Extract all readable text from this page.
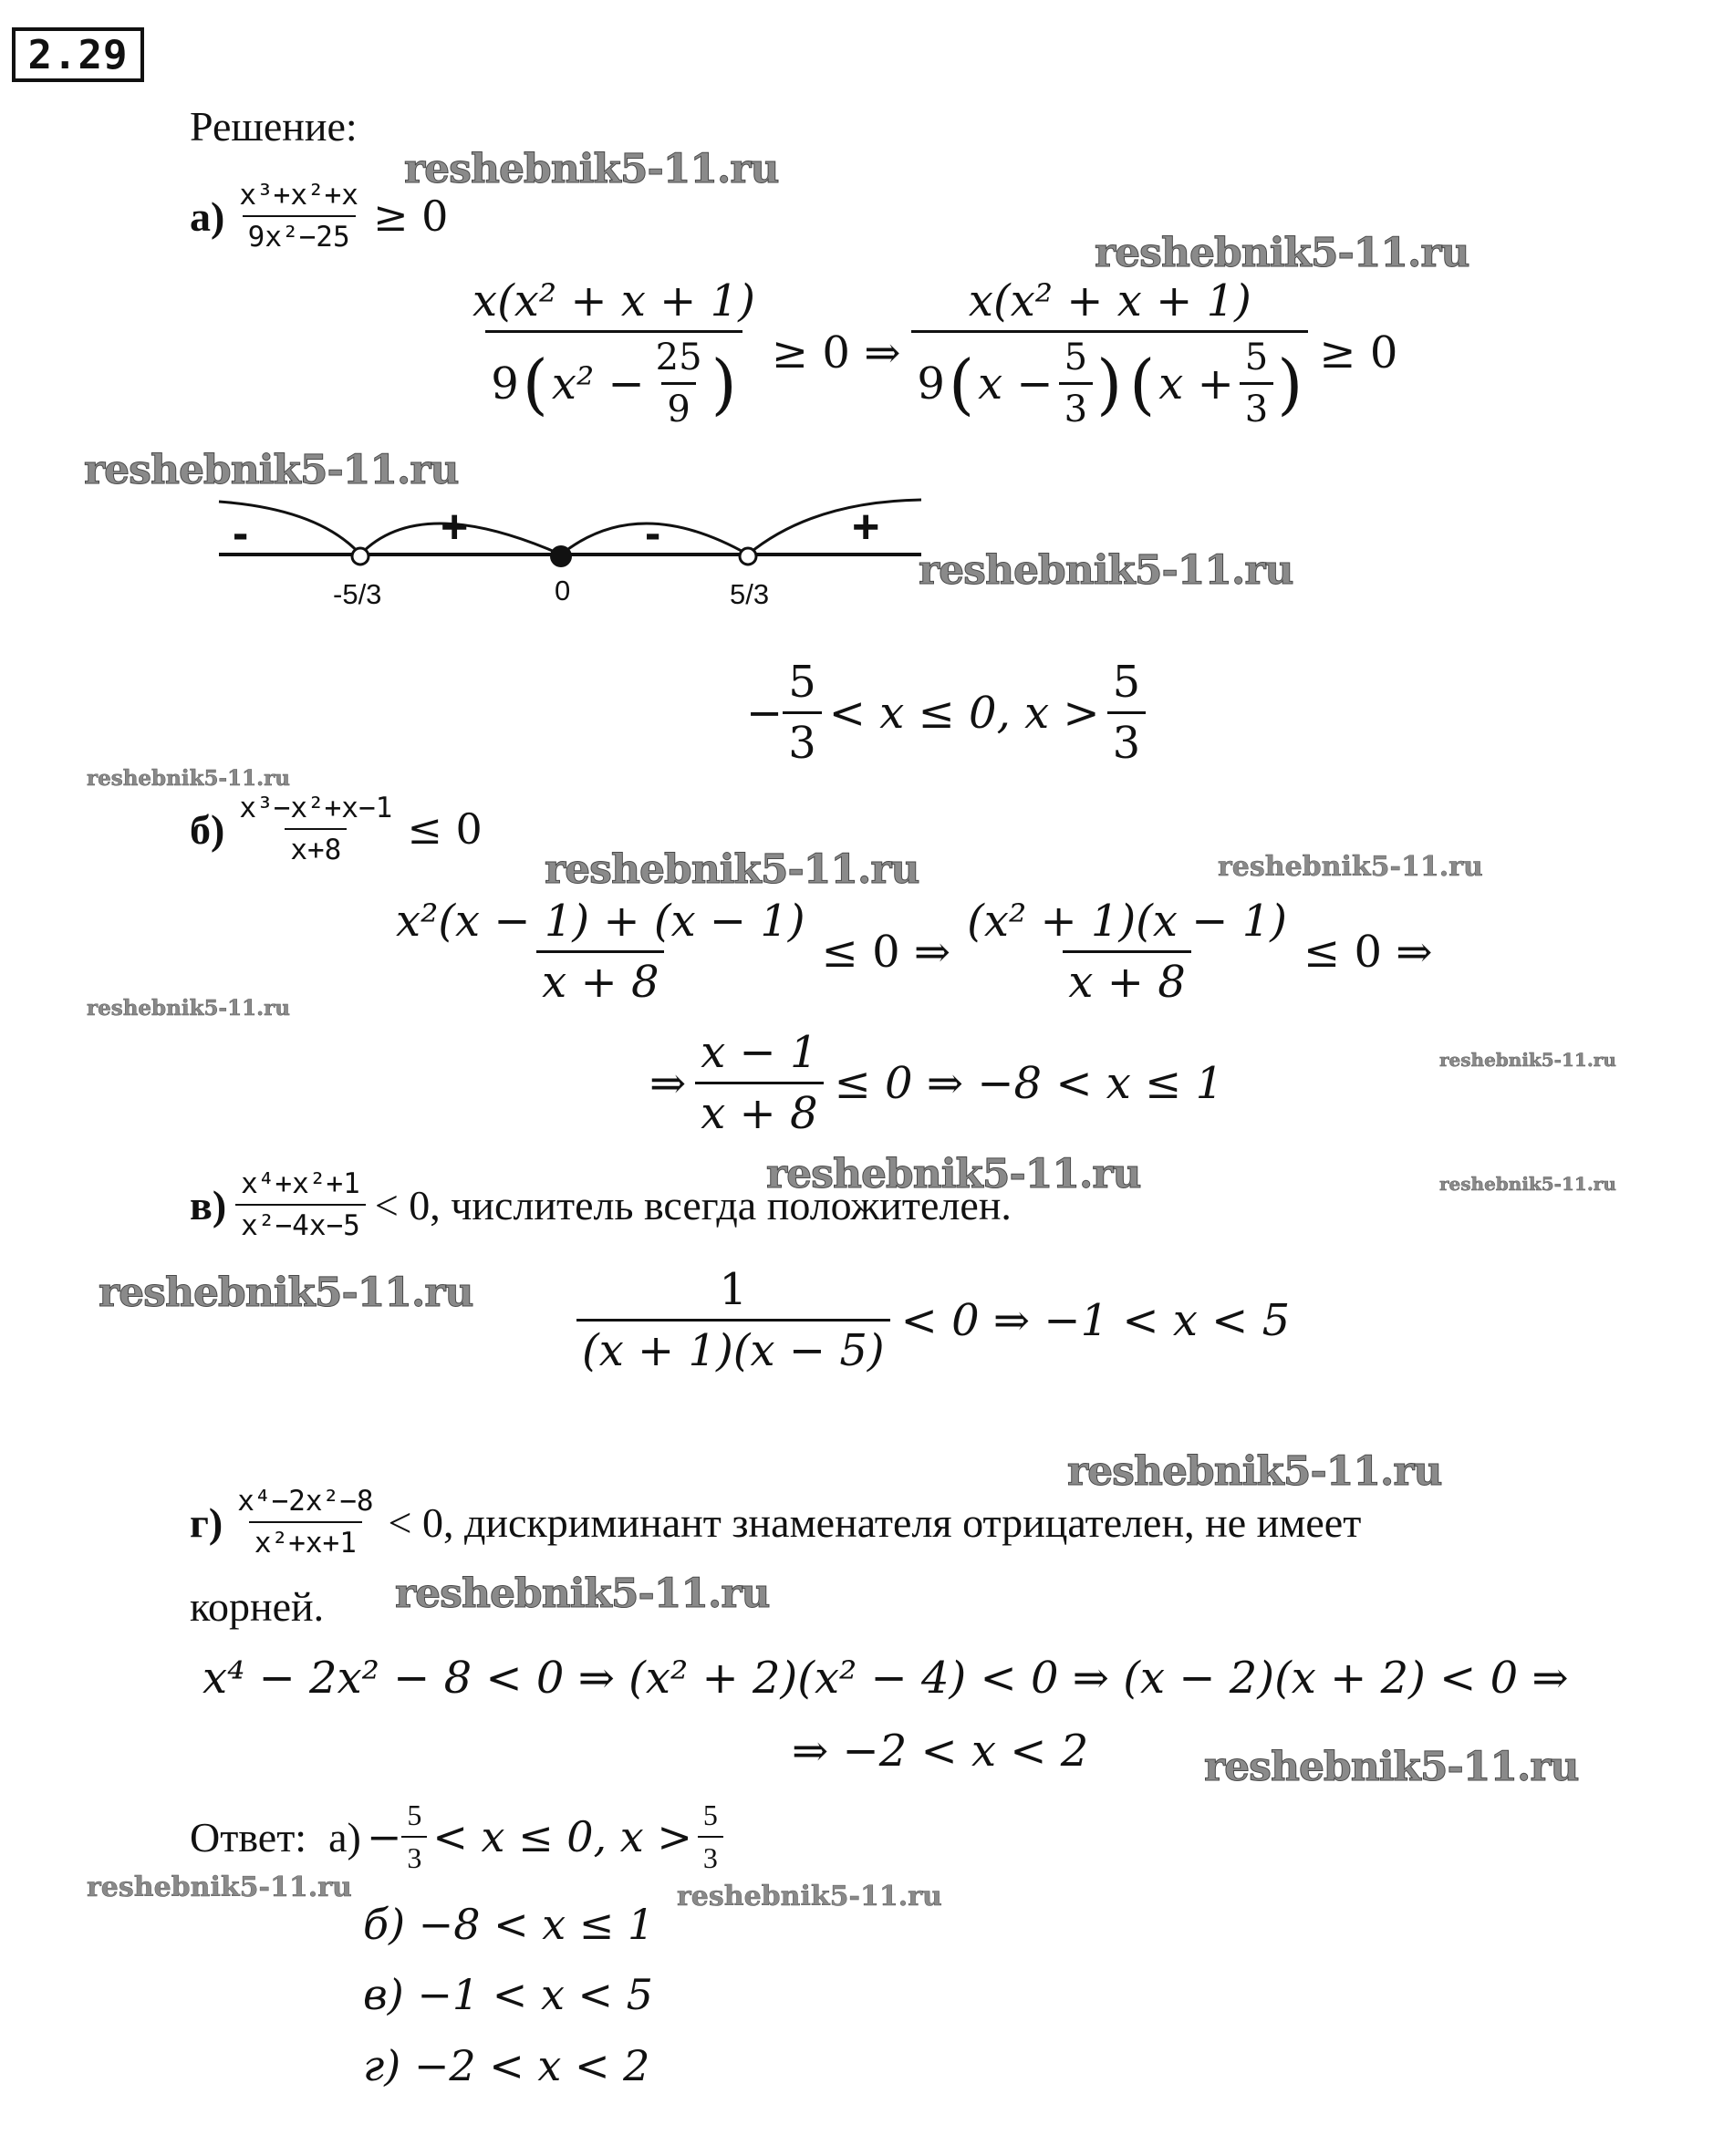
2.29
Решение:
$а) \frac{\text{x³+x²+x}}{\text{9x²−25}} \ge 0$
x(x² + x + 1)
9 ( $x^2 - \frac{25}{9}$ ) ≥ 0 ⇒
x(x² + x + 1)
9 ( $x - \frac{5}{3}$ ) ( $x + \frac{5}{3}$ ) ≥ 0
-	+	-	+
-5/3	0	5/3
− $\frac{5}{3} < x \le 0$, $x > \frac{5}{3}$
$б) \frac{\text{x³−x²+x−1}}{x+8} \le 0$
$\frac{\text{x²(x − 1) + (x − 1)}}{x + 8} \le 0$ ⇒ $\frac{\text{(x² + 1)(x − 1)}}{x + 8} \le 0$ ⇒
⇒ $\frac{x - 1}{x + 8} \le 0$ ⇒ −8 < x ≤ 1
$в) \frac{\text{x⁴+x²+1}}{\text{x²−4x−5}} < 0$, числитель всегда положителен.
$\frac{1}{(x + 1)(x - 5)} < 0$ ⇒ −1 < x < 5
$г) \frac{\text{x⁴−2x²−8}}{\text{x²+x+1}} < 0$, дискриминант знаменателя отрицателен, не имеет
корней.
x⁴ − 2x² − 8 < 0 ⇒ (x² + 2)(x² − 4) < 0 ⇒ (x − 2)(x + 2) < 0 ⇒
⇒ −2 < x < 2
Ответ: $а) - \frac{5}{3} < x \le 0$, $x > \frac{5}{3}$
б) −8 < x ≤ 1
в) −1 < x < 5
г) −2 < x < 2
reshebnik5-11.ru
reshebnik5-11.ru
reshebnik5-11.ru
reshebnik5-11.ru
reshebnik5-11.ru
reshebnik5-11.ru	reshebnik5-11.ru
reshebnik5-11.ru
reshebnik5-11.ru
reshebnik5-11.ru	reshebnik5-11.ru
reshebnik5-11.ru
reshebnik5-11.ru
reshebnik5-11.ru
reshebnik5-11.ru
reshebnik5-11.ru	reshebnik5-11.ru
